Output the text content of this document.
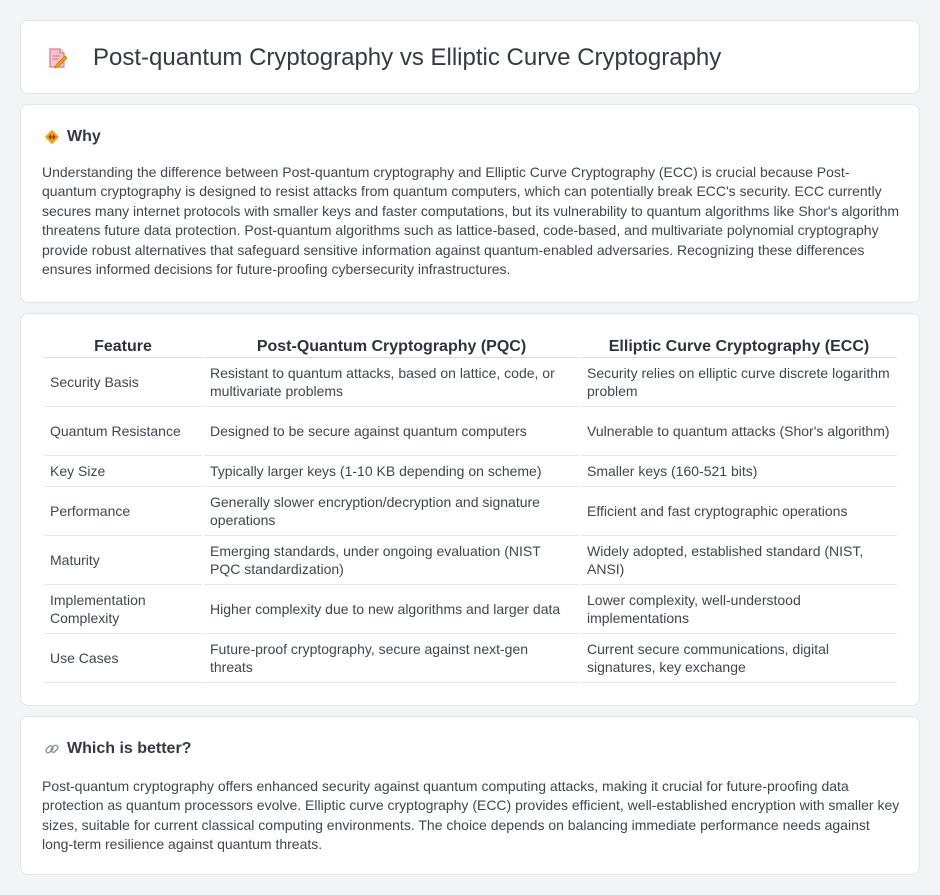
Post-quantum Cryptography vs Elliptic Curve Cryptography
Why

Understanding the difference between Post-quantum cryptography and Elliptic Curve Cryptography (ECC) is crucial because Post-quantum cryptography is designed to resist attacks from quantum computers, which can potentially break ECC's security. ECC currently secures many internet protocols with smaller keys and faster computations, but its vulnerability to quantum algorithms like Shor's algorithm threatens future data protection. Post-quantum algorithms such as lattice-based, code-based, and multivariate polynomial cryptography provide robust alternatives that safeguard sensitive information against quantum-enabled adversaries. Recognizing these differences ensures informed decisions for future-proofing cybersecurity infrastructures.

Feature	Post-Quantum Cryptography (PQC)	Elliptic Curve Cryptography (ECC)
Security Basis	Resistant to quantum attacks, based on lattice, code, or multivariate problems	Security relies on elliptic curve discrete logarithm problem
Quantum Resistance	Designed to be secure against quantum computers	Vulnerable to quantum attacks (Shor's algorithm)
Key Size	Typically larger keys (1-10 KB depending on scheme)	Smaller keys (160-521 bits)
Performance	Generally slower encryption/decryption and signature operations	Efficient and fast cryptographic operations
Maturity	Emerging standards, under ongoing evaluation (NIST PQC standardization)	Widely adopted, established standard (NIST, ANSI)
Implementation Complexity	Higher complexity due to new algorithms and larger data	Lower complexity, well-understood implementations
Use Cases	Future-proof cryptography, secure against next-gen threats	Current secure communications, digital signatures, key exchange
Which is better?

Post-quantum cryptography offers enhanced security against quantum computing attacks, making it crucial for future-proofing data protection as quantum processors evolve. Elliptic curve cryptography (ECC) provides efficient, well-established encryption with smaller key sizes, suitable for current classical computing environments. The choice depends on balancing immediate performance needs against long-term resilience against quantum threats.
